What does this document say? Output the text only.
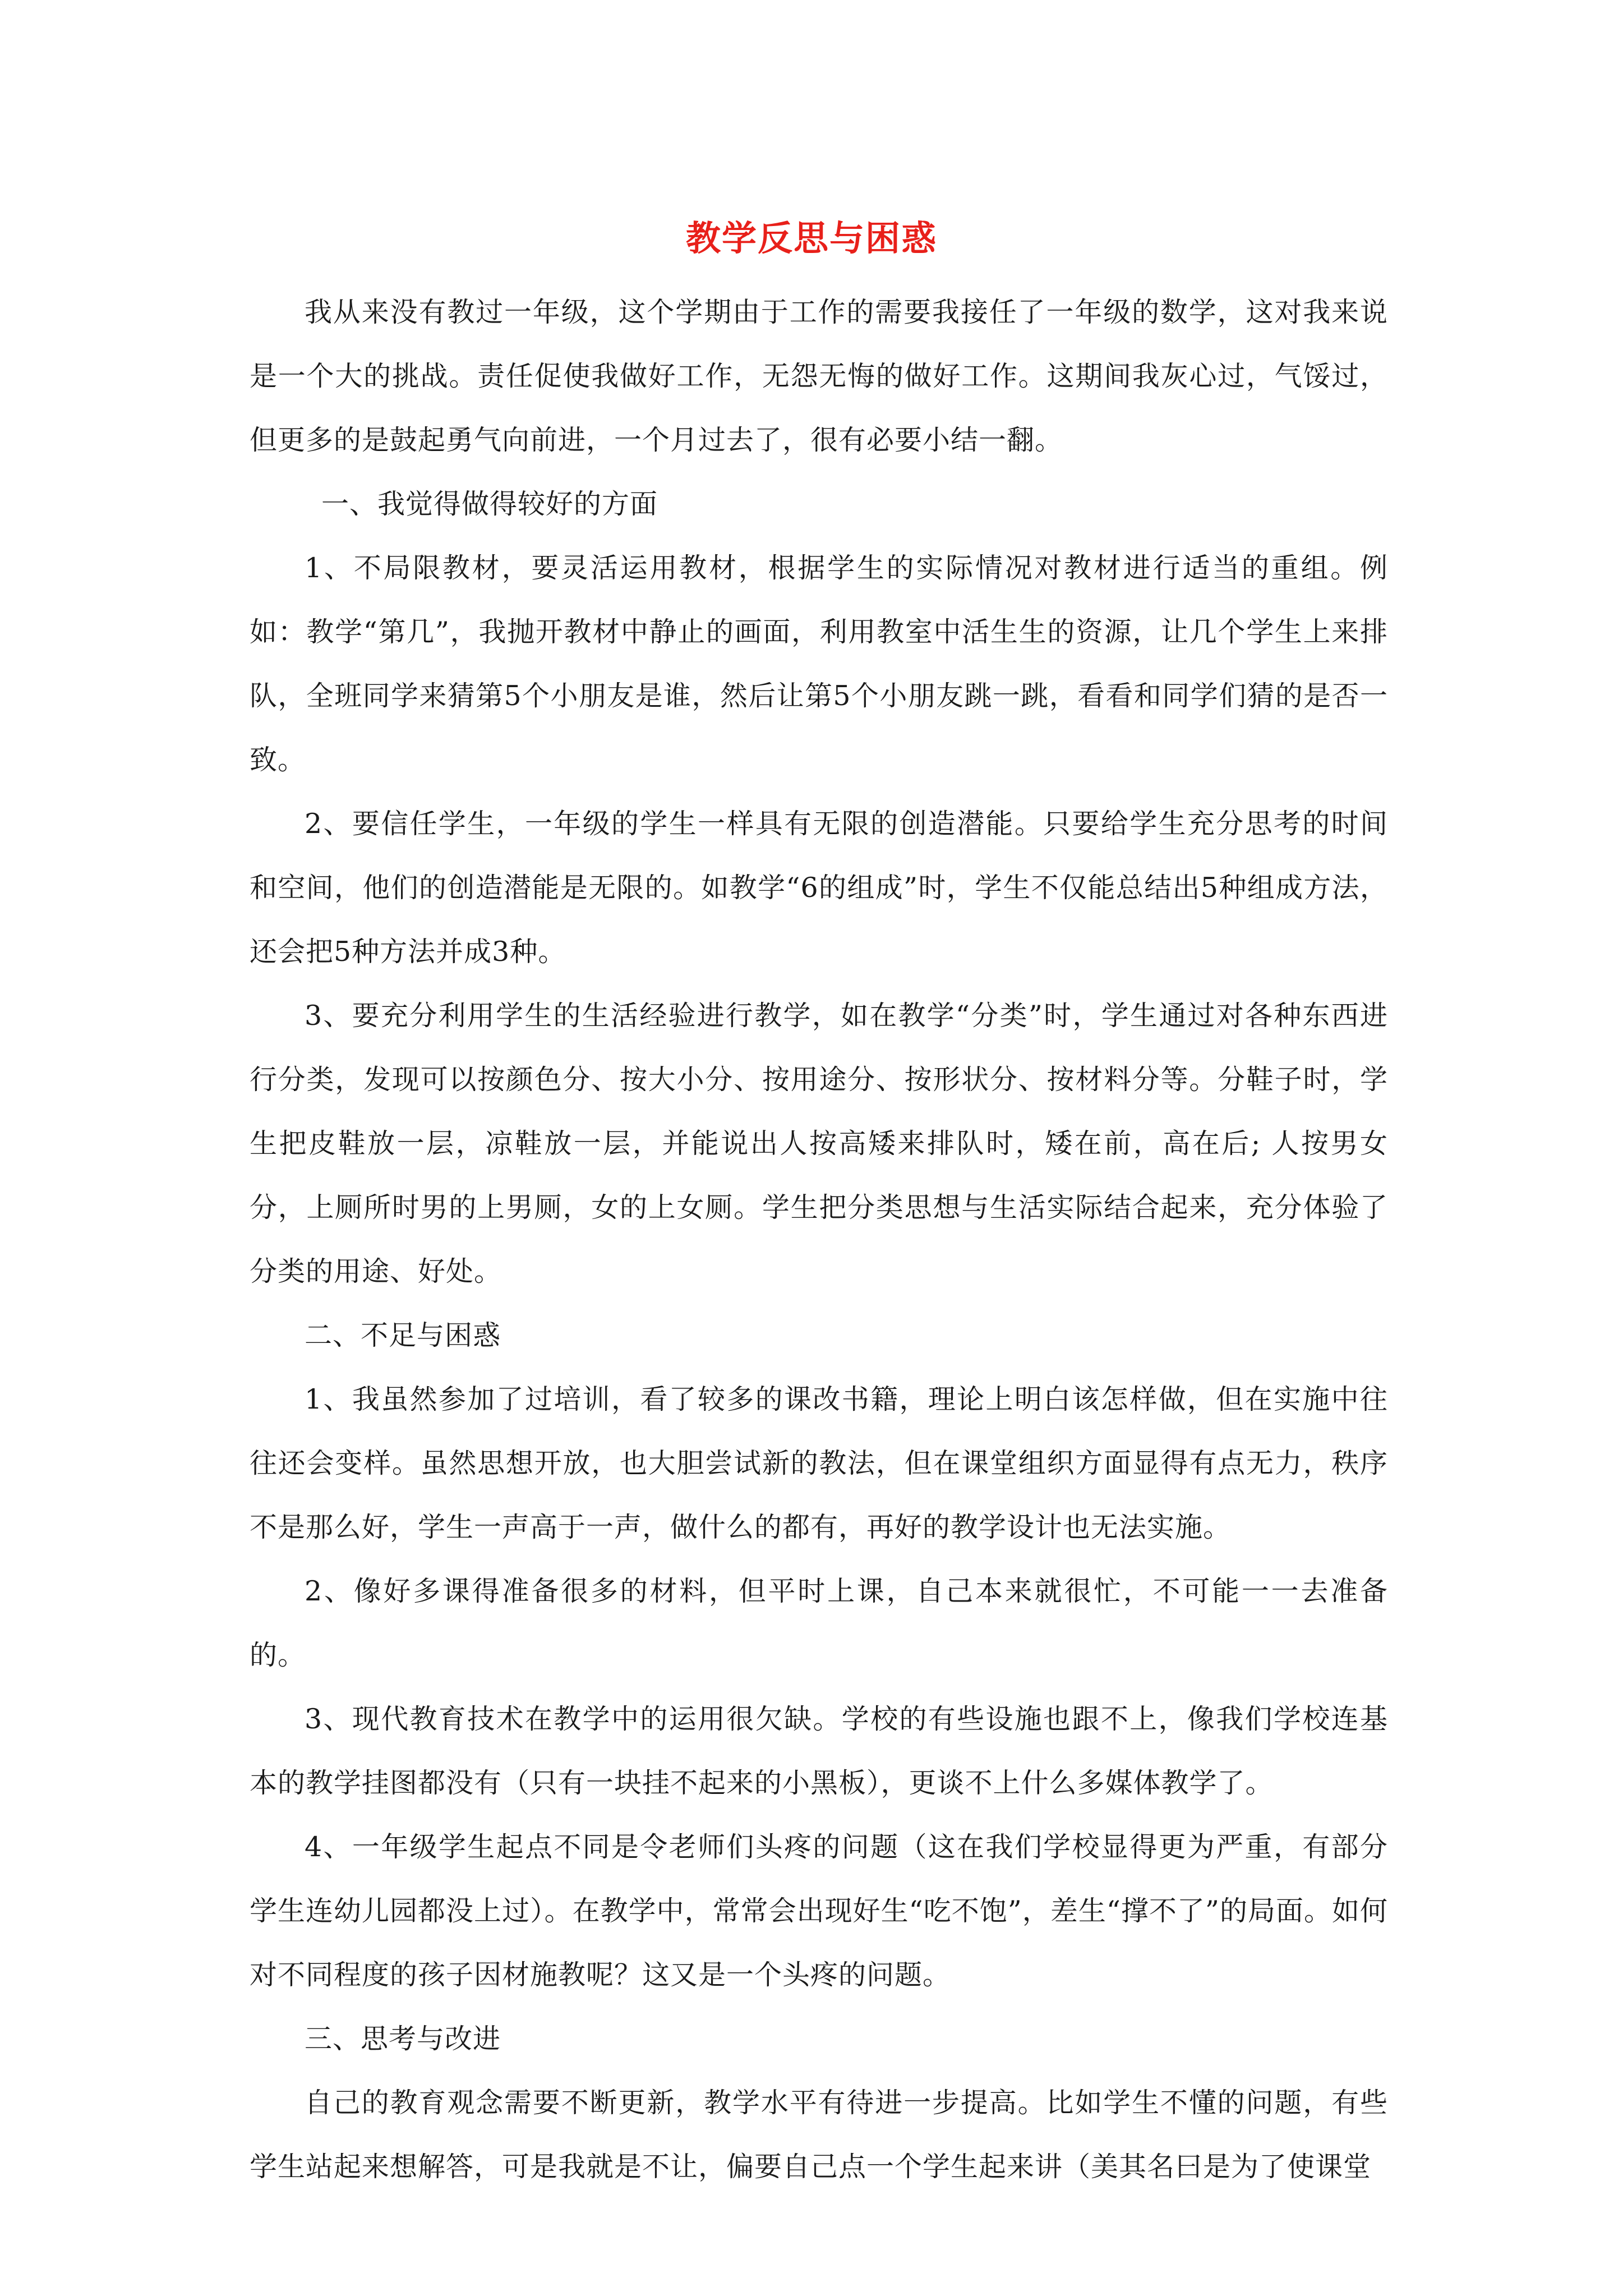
教学反思与困惑

我从来没有教过一年级，这个学期由于工作的需要我接任了一年级的数学，这对我来说是一个大的挑战。责任促使我做好工作，无怨无悔的做好工作。这期间我灰心过，气馁过，但更多的是鼓起勇气向前进，一个月过去了，很有必要小结一翻。

一、我觉得做得较好的方面

1、不局限教材，要灵活运用教材，根据学生的实际情况对教材进行适当的重组。例如：教学“第几”，我抛开教材中静止的画面，利用教室中活生生的资源，让几个学生上来排队，全班同学来猜第5个小朋友是谁，然后让第5个小朋友跳一跳，看看和同学们猜的是否一致。

2、要信任学生，一年级的学生一样具有无限的创造潜能。只要给学生充分思考的时间和空间，他们的创造潜能是无限的。如教学“6的组成”时，学生不仅能总结出5种组成方法，还会把5种方法并成3种。

3、要充分利用学生的生活经验进行教学，如在教学“分类”时，学生通过对各种东西进行分类，发现可以按颜色分、按大小分、按用途分、按形状分、按材料分等。分鞋子时，学生把皮鞋放一层，凉鞋放一层，并能说出人按高矮来排队时，矮在前，高在后; 人按男女分，上厕所时男的上男厕，女的上女厕。学生把分类思想与生活实际结合起来，充分体验了分类的用途、好处。

二、不足与困惑

1、我虽然参加了过培训，看了较多的课改书籍，理论上明白该怎样做，但在实施中往往还会变样。虽然思想开放，也大胆尝试新的教法，但在课堂组织方面显得有点无力，秩序不是那么好，学生一声高于一声，做什么的都有，再好的教学设计也无法实施。

2、像好多课得准备很多的材料，但平时上课，自己本来就很忙，不可能一一去准备的。

3、现代教育技术在教学中的运用很欠缺。学校的有些设施也跟不上，像我们学校连基本的教学挂图都没有（只有一块挂不起来的小黑板），更谈不上什么多媒体教学了。

4、一年级学生起点不同是令老师们头疼的问题（这在我们学校显得更为严重，有部分学生连幼儿园都没上过）。在教学中，常常会出现好生“吃不饱”，差生“撑不了”的局面。如何对不同程度的孩子因材施教呢？这又是一个头疼的问题。

三、思考与改进

自己的教育观念需要不断更新，教学水平有待进一步提高。比如学生不懂的问题，有些学生站起来想解答，可是我就是不让，偏要自己点一个学生起来讲（美其名曰是为了使课堂
